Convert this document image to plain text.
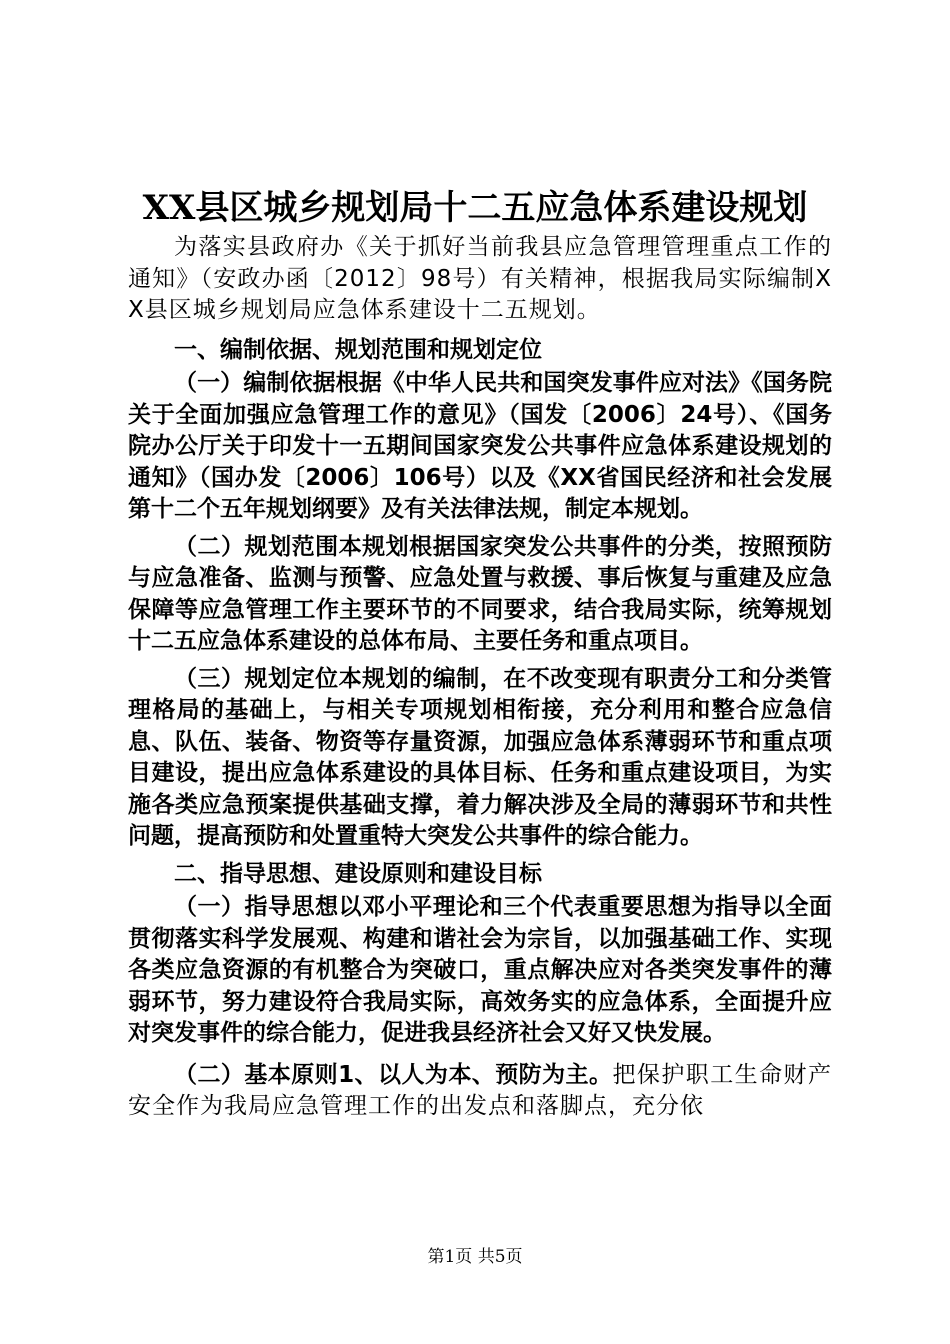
XX县区城乡规划局十二五应急体系建设规划

为落实县政府办《关于抓好当前我县应急管理管理重点工作的通知》（安政办函〔2012〕98号）有关精神，根据我局实际编制XX县区城乡规划局应急体系建设十二五规划。

一、编制依据、规划范围和规划定位

（一）编制依据根据《中华人民共和国突发事件应对法》《国务院关于全面加强应急管理工作的意见》（国发〔2006〕24号）、《国务院办公厅关于印发十一五期间国家突发公共事件应急体系建设规划的通知》（国办发〔2006〕106号）以及《XX省国民经济和社会发展第十二个五年规划纲要》及有关法律法规，制定本规划。

（二）规划范围本规划根据国家突发公共事件的分类，按照预防与应急准备、监测与预警、应急处置与救援、事后恢复与重建及应急保障等应急管理工作主要环节的不同要求，结合我局实际，统筹规划十二五应急体系建设的总体布局、主要任务和重点项目。

（三）规划定位本规划的编制，在不改变现有职责分工和分类管理格局的基础上，与相关专项规划相衔接，充分利用和整合应急信息、队伍、装备、物资等存量资源，加强应急体系薄弱环节和重点项目建设，提出应急体系建设的具体目标、任务和重点建设项目，为实施各类应急预案提供基础支撑，着力解决涉及全局的薄弱环节和共性问题，提高预防和处置重特大突发公共事件的综合能力。

二、指导思想、建设原则和建设目标

（一）指导思想以邓小平理论和三个代表重要思想为指导以全面贯彻落实科学发展观、构建和谐社会为宗旨，以加强基础工作、实现各类应急资源的有机整合为突破口，重点解决应对各类突发事件的薄弱环节，努力建设符合我局实际，高效务实的应急体系，全面提升应对突发事件的综合能力，促进我县经济社会又好又快发展。

（二）基本原则1、以人为本、预防为主。把保护职工生命财产安全作为我局应急管理工作的出发点和落脚点，充分依

第1页 共5页
